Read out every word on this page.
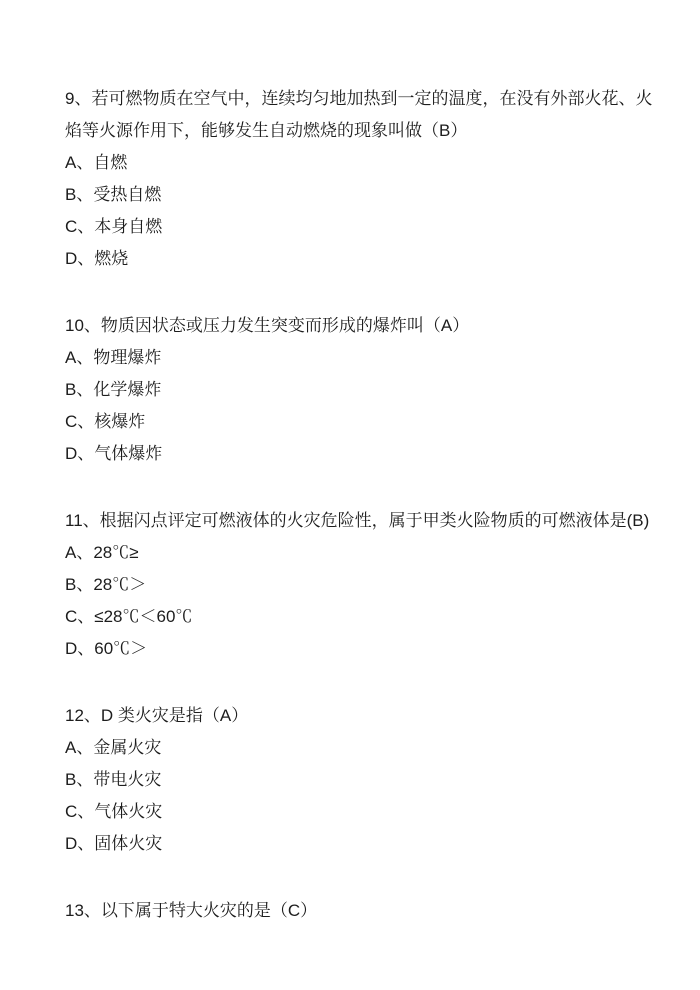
9、若可燃物质在空气中，连续均匀地加热到一定的温度，在没有外部火花、火焰等火源作用下，能够发生自动燃烧的现象叫做（B）
A、自燃
B、受热自燃
C、本身自燃
D、燃烧
10、物质因状态或压力发生突变而形成的爆炸叫（A）
A、物理爆炸
B、化学爆炸
C、核爆炸
D、气体爆炸
11、根据闪点评定可燃液体的火灾危险性，属于甲类火险物质的可燃液体是(B)
A、28℃≥
B、28℃＞
C、≤28℃＜60℃
D、60℃＞
12、D 类火灾是指（A）
A、金属火灾
B、带电火灾
C、气体火灾
D、固体火灾
13、以下属于特大火灾的是（C）
